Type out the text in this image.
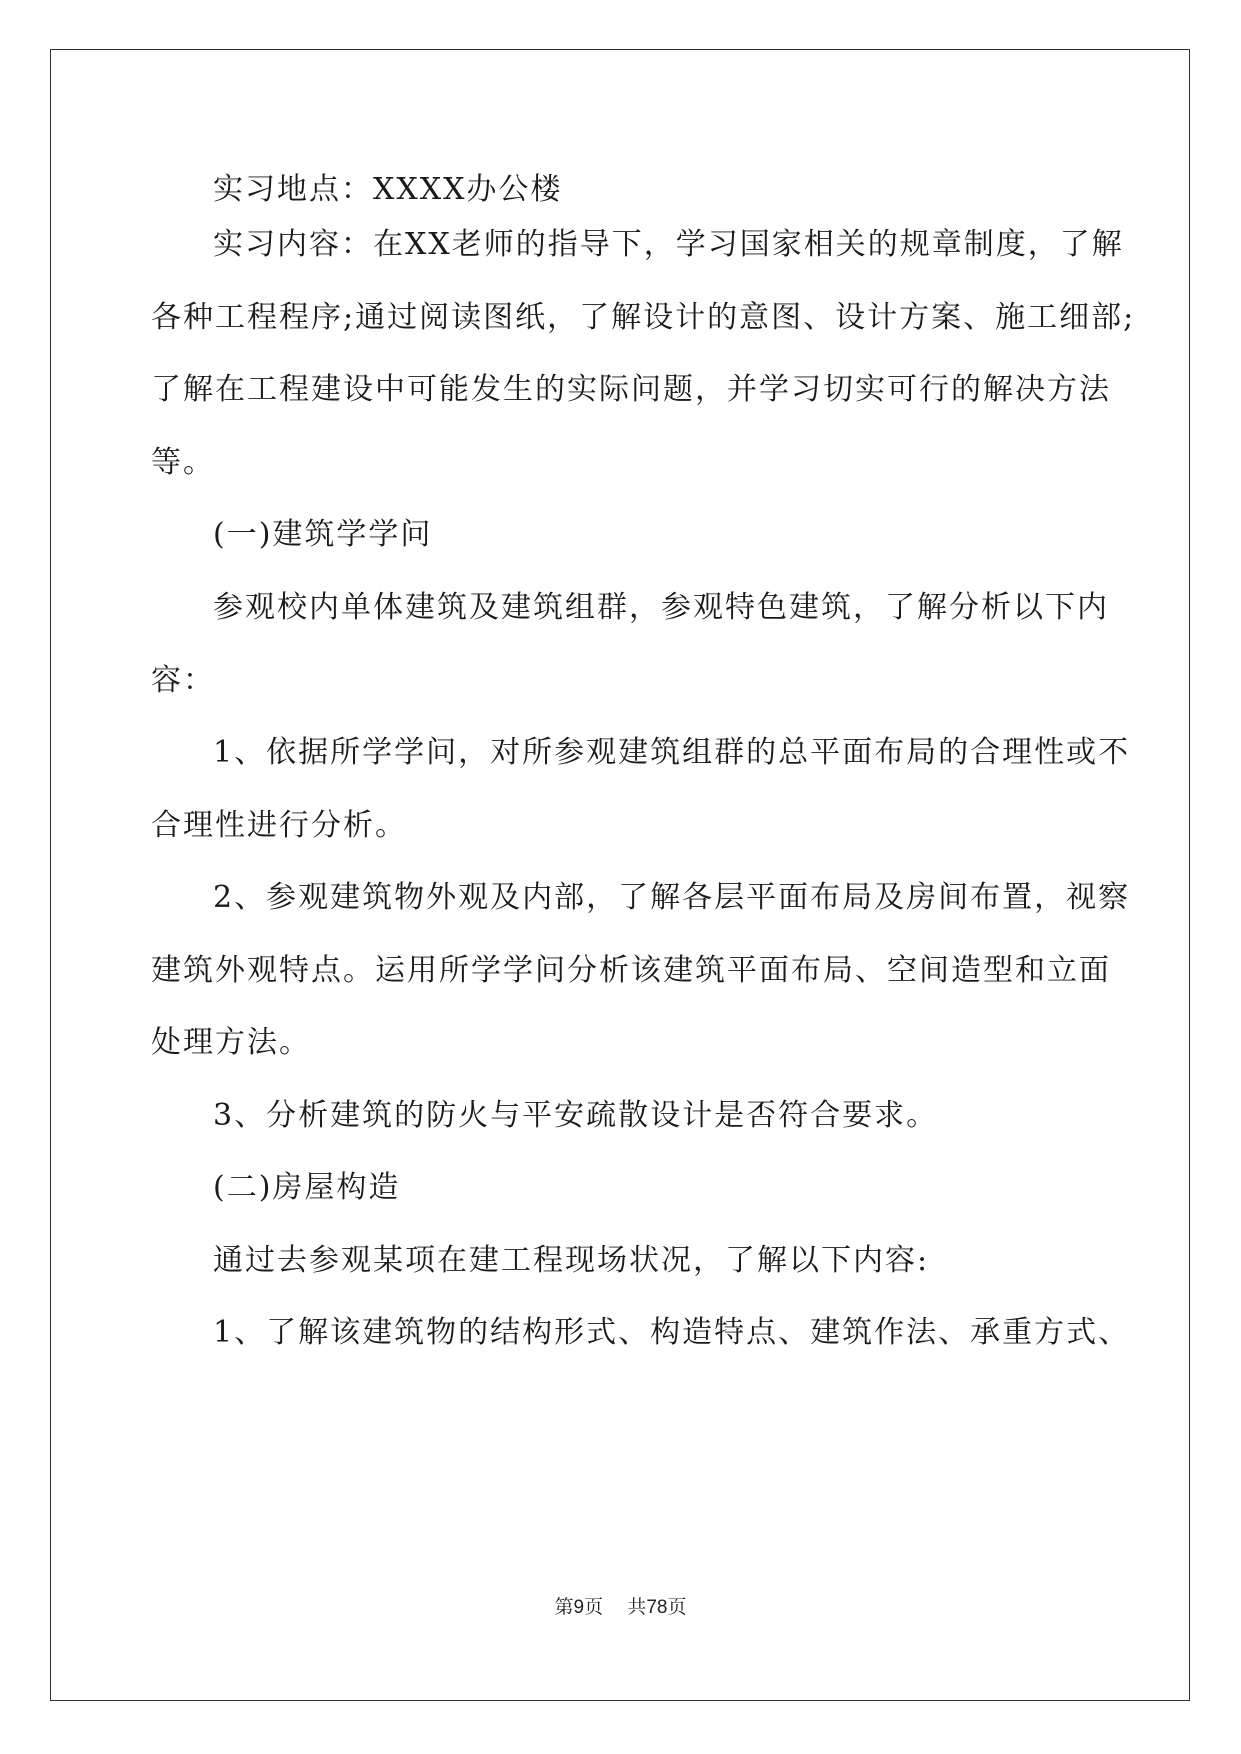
实习地点：XXXX办公楼
实习内容：在XX老师的指导下，学习国家相关的规章制度，了解
各种工程程序;通过阅读图纸，了解设计的意图、设计方案、施工细部;
了解在工程建设中可能发生的实际问题，并学习切实可行的解决方法
等。
(一)建筑学学问
参观校内单体建筑及建筑组群，参观特色建筑，了解分析以下内
容：
1、依据所学学问，对所参观建筑组群的总平面布局的合理性或不
合理性进行分析。
2、参观建筑物外观及内部，了解各层平面布局及房间布置，视察
建筑外观特点。运用所学学问分析该建筑平面布局、空间造型和立面
处理方法。
3、分析建筑的防火与平安疏散设计是否符合要求。
(二)房屋构造
通过去参观某项在建工程现场状况，了解以下内容:
1、了解该建筑物的结构形式、构造特点、建筑作法、承重方式、
第9页 共78页
